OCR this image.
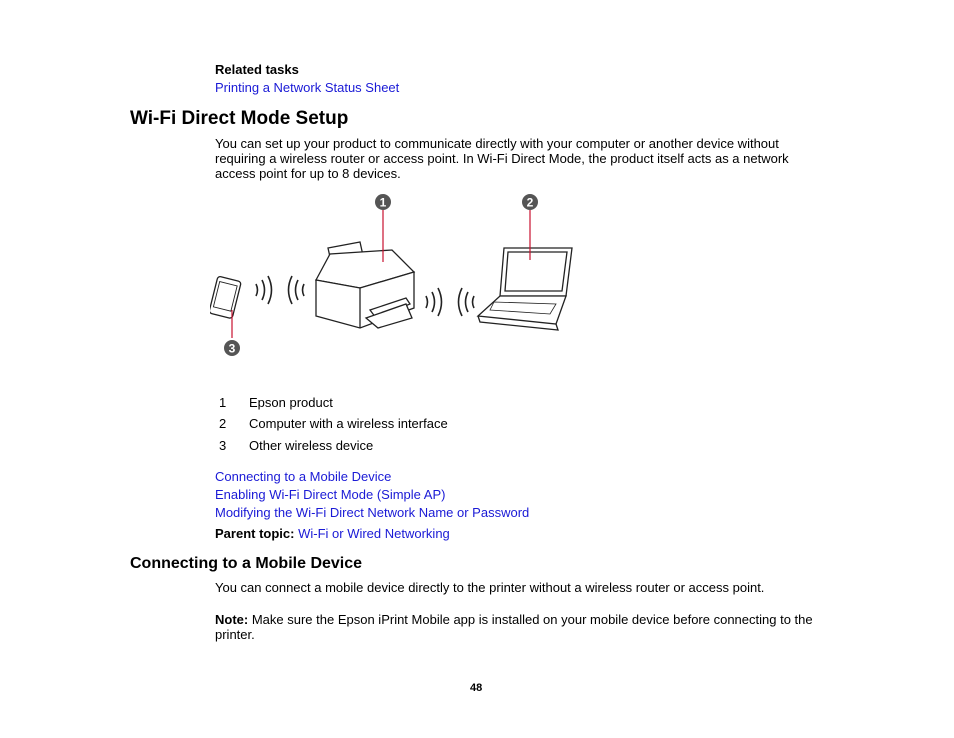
Related tasks
Printing a Network Status Sheet
Wi-Fi Direct Mode Setup
You can set up your product to communicate directly with your computer or another device without
requiring a wireless router or access point. In Wi-Fi Direct Mode, the product itself acts as a network
access point for up to 8 devices.
1	2
3
1 Epson product
2 Computer with a wireless interface
3 Other wireless device
Connecting to a Mobile Device
Enabling Wi-Fi Direct Mode (Simple AP)
Modifying the Wi-Fi Direct Network Name or Password
Parent topic: Wi-Fi or Wired Networking
Connecting to a Mobile Device
You can connect a mobile device directly to the printer without a wireless router or access point.
Note: Make sure the Epson iPrint Mobile app is installed on your mobile device before connecting to the
printer.
48
